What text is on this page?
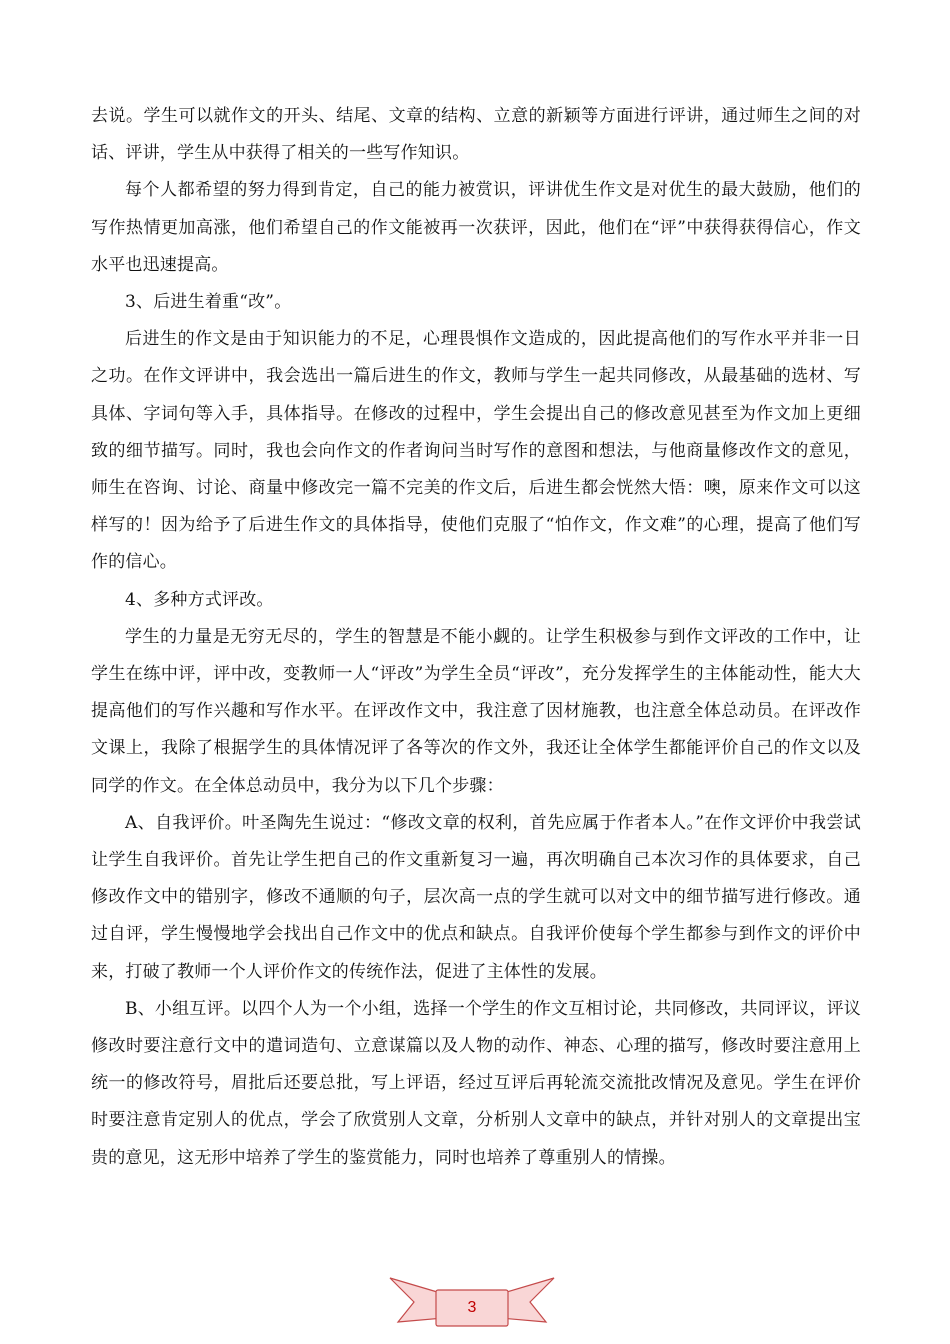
去说。学生可以就作文的开头、结尾、文章的结构、立意的新颖等方面进行评讲，通过师生之间的对话、评讲，学生从中获得了相关的一些写作知识。

每个人都希望的努力得到肯定，自己的能力被赏识，评讲优生作文是对优生的最大鼓励，他们的写作热情更加高涨，他们希望自己的作文能被再一次获评，因此，他们在“评”中获得获得信心，作文水平也迅速提高。

3、后进生着重“改”。

后进生的作文是由于知识能力的不足，心理畏惧作文造成的，因此提高他们的写作水平并非一日之功。在作文评讲中，我会选出一篇后进生的作文，教师与学生一起共同修改，从最基础的选材、写具体、字词句等入手，具体指导。在修改的过程中，学生会提出自己的修改意见甚至为作文加上更细致的细节描写。同时，我也会向作文的作者询问当时写作的意图和想法，与他商量修改作文的意见，师生在咨询、讨论、商量中修改完一篇不完美的作文后，后进生都会恍然大悟：噢，原来作文可以这样写的！因为给予了后进生作文的具体指导，使他们克服了“怕作文，作文难”的心理，提高了他们写作的信心。

4、多种方式评改。

学生的力量是无穷无尽的，学生的智慧是不能小觑的。让学生积极参与到作文评改的工作中，让学生在练中评，评中改，变教师一人“评改”为学生全员“评改”，充分发挥学生的主体能动性，能大大提高他们的写作兴趣和写作水平。在评改作文中，我注意了因材施教，也注意全体总动员。在评改作文课上，我除了根据学生的具体情况评了各等次的作文外，我还让全体学生都能评价自己的作文以及同学的作文。在全体总动员中，我分为以下几个步骤：

A、自我评价。叶圣陶先生说过：“修改文章的权利，首先应属于作者本人。”在作文评价中我尝试让学生自我评价。首先让学生把自己的作文重新复习一遍，再次明确自己本次习作的具体要求，自己修改作文中的错别字，修改不通顺的句子，层次高一点的学生就可以对文中的细节描写进行修改。通过自评，学生慢慢地学会找出自己作文中的优点和缺点。自我评价使每个学生都参与到作文的评价中来，打破了教师一个人评价作文的传统作法，促进了主体性的发展。

B、小组互评。以四个人为一个小组，选择一个学生的作文互相讨论，共同修改，共同评议，评议修改时要注意行文中的遣词造句、立意谋篇以及人物的动作、神态、心理的描写，修改时要注意用上统一的修改符号，眉批后还要总批，写上评语，经过互评后再轮流交流批改情况及意见。学生在评价时要注意肯定别人的优点，学会了欣赏别人文章，分析别人文章中的缺点，并针对别人的文章提出宝贵的意见，这无形中培养了学生的鉴赏能力，同时也培养了尊重别人的情操。

3
